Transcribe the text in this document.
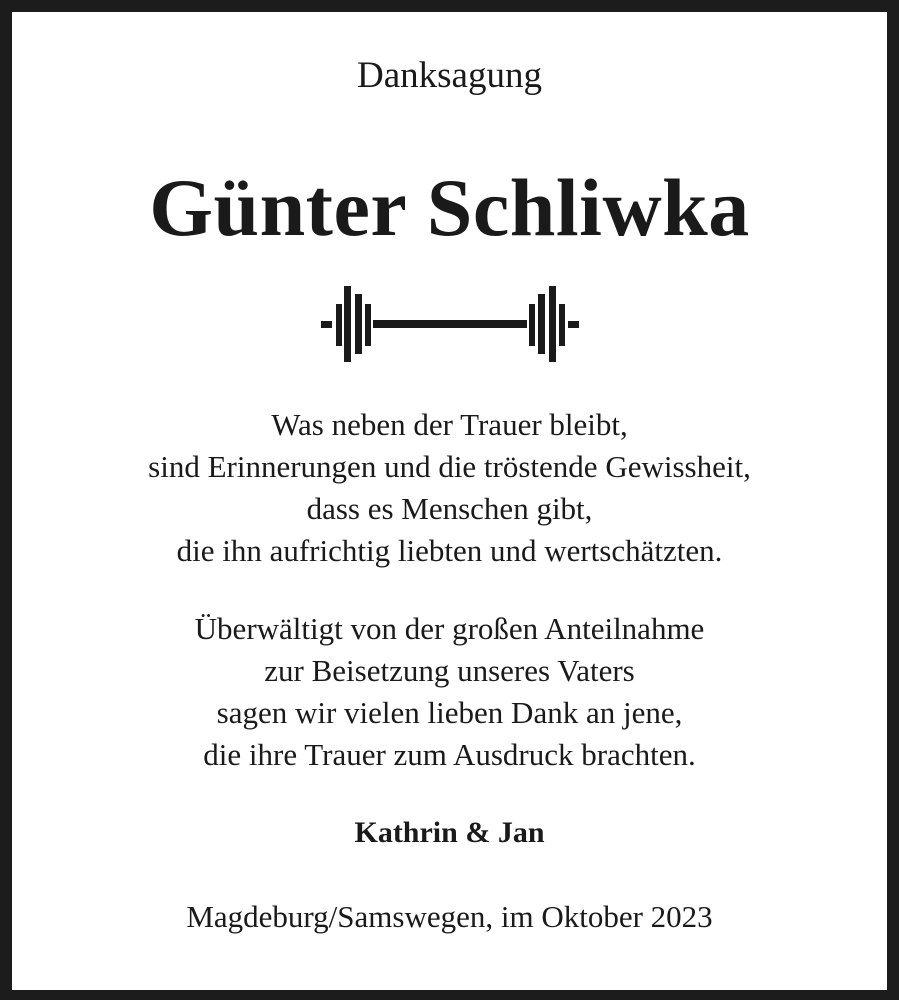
Danksagung
Günter Schliwka
Was neben der Trauer bleibt,
sind Erinnerungen und die tröstende Gewissheit,
dass es Menschen gibt,
die ihn aufrichtig liebten und wertschätzten.
Überwältigt von der großen Anteilnahme
zur Beisetzung unseres Vaters
sagen wir vielen lieben Dank an jene,
die ihre Trauer zum Ausdruck brachten.
Kathrin & Jan
Magdeburg/Samswegen, im Oktober 2023
